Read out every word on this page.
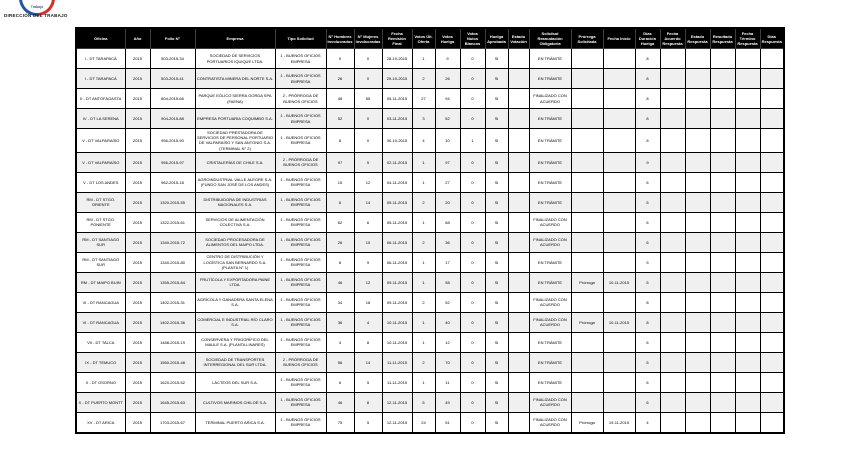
Trabajo
DIRECCIÓN DEL TRABAJO
Oficina	Año	Folio N°	Empresa	Tipo Solicitud	N° Hombres Involucrados	N° Mujeres Involucradas	Fecha Remisión Final	Votos Últ. Oferta	Votos Huelga	Votos Nulos Blancos	Huelga Aprobada	Estado Votación	Solicitud Reanudación Obligatoria	Prórroga Solicitada	Fecha Inicio	Días Duración Huelga	Fecha Acuerdo Respuesta	Estado Respuesta	Resultado Respuesta	Fecha Término Respuesta	Días Respuesta
I - DT TARAPACÁ	2015	503-2015-34	SOCIEDAD DE SERVICIOS PORTUARIOS IQUIQUE LTDA.	1 - BUENOS OFICIOS EMPRESA	9	0	28-10-2015	1	9	0	Si		EN TRÁMITE			8					
I - DT TARAPACÁ	2015	503-2015-41	CONTRATISTA MINERA DEL NORTE S.A.	1 - BUENOS OFICIOS EMPRESA	26	0	29-10-2015	2	26	0	Si		EN TRÁMITE			8					
II - DT ANTOFAGASTA	2015	804-2015-66	PARQUE EÓLICO SIERRA GORDA SPA (FAENA)	2 - PRÓRROGA DE BUENOS OFICIOS	48	55	05-11-2015	27	94	0	Si		FINALIZADO CON ACUERDO			8					
IV - DT LA SERENA	2015	904-2015-88	EMPRESA PORTUARIA COQUIMBO S.A.	1 - BUENOS OFICIOS EMPRESA	52	0	03-11-2015	3	52	0	Si		EN TRÁMITE			8					
V - DT VALPARAÍSO	2015	956-2015-90	SOCIEDAD PRESTADORA DE SERVICIOS DE PERSONAL PORTUARIO DE VALPARAÍSO Y SAN ANTONIO S.A. (TERMINAL N° 2)	1 - BUENOS OFICIOS EMPRESA	8	0	30-10-2015	4	10	1	Si		EN TRÁMITE			8					
V - DT VALPARAÍSO	2015	956-2015-97	CRISTALERÍAS DE CHILE S.A.	2 - PRÓRROGA DE BUENOS OFICIOS	97	5	02-11-2015	1	97	0	Si		EN TRÁMITE			9					
V - DT LOS ANDES	2015	962-2015-18	AGROINDUSTRIAL VALLE ALEGRE S.A. (FUNDO SAN JOSÉ DE LOS ANDES)	1 - BUENOS OFICIOS EMPRESA	15	12	04-11-2015	1	27	0	Si		EN TRÁMITE			6					
RM - DT STGO. ORIENTE	2015	1320-2015-55	DISTRIBUIDORA DE INDUSTRIAS NACIONALES S.A.	1 - BUENOS OFICIOS EMPRESA	6	14	05-11-2015	2	20	0	Si		EN TRÁMITE			5					
RM - DT STGO. PONIENTE	2015	1322-2015-61	SERVICIOS DE ALIMENTACIÓN COLECTIVA S.A.	1 - BUENOS OFICIOS EMPRESA	62	6	05-11-2015	1	68	0	Si		FINALIZADO CON ACUERDO			6					
RM - DT SANTIAGO SUR	2015	1340-2015-72	SOCIEDAD PROCESADORA DE ALIMENTOS DEL MAIPO LTDA.	1 - BUENOS OFICIOS EMPRESA	26	10	06-11-2015	2	36	0	Si		FINALIZADO CON ACUERDO			6					
RM - DT SANTIAGO SUR	2015	1340-2015-80	CENTRO DE DISTRIBUCIÓN Y LOGÍSTICA SAN BERNARDO S.A. (PLANTA N° 1)	1 - BUENOS OFICIOS EMPRESA	8	9	06-11-2015	1	17	0	Si		EN TRÁMITE			5					
RM - DT MAIPO BUIN	2015	1355-2015-84	FRUTÍCOLA Y EXPORTADORA PAINE LTDA.	1 - BUENOS OFICIOS EMPRESA	46	12	09-11-2015	1	58	0	Si		EN TRÁMITE	Prórroga	10-11-2015	5					
VI - DT RANCAGUA	2015	1402-2015-31	AGRÍCOLA Y GANADERA SANTA ELENA S.A.	1 - BUENOS OFICIOS EMPRESA	34	18	09-11-2015	2	52	0	Si		FINALIZADO CON ACUERDO			8					
VI - DT RANCAGUA	2015	1402-2015-36	COMERCIAL E INDUSTRIAL RÍO CLARO S.A.	1 - BUENOS OFICIOS EMPRESA	36	4	10-11-2015	1	40	0	Si		FINALIZADO CON ACUERDO	Prórroga	10-11-2015	8					
VII - DT TALCA	2015	1488-2015-19	CONSERVERA Y FRIGORÍFICO DEL MAULE S.A. (PLANTA LINARES)	1 - BUENOS OFICIOS EMPRESA	4	8	10-11-2015	1	12	0	Si		EN TRÁMITE			6					
IX - DT TEMUCO	2015	1560-2015-48	SOCIEDAD DE TRANSPORTES INTERREGIONAL DEL SUR LTDA.	2 - PRÓRROGA DE BUENOS OFICIOS	56	14	11-11-2015	2	70	0	Si		EN TRÁMITE			5					
X - DT OSORNO	2015	1620-2015-52	LÁCTEOS DEL SUR S.A.	1 - BUENOS OFICIOS EMPRESA	6	5	11-11-2015	1	11	0	Si		EN TRÁMITE			6					
X - DT PUERTO MONTT	2015	1645-2015-63	CULTIVOS MARINOS CHILOÉ S.A.	1 - BUENOS OFICIOS EMPRESA	46	8	12-11-2015	5	49	0	Si		FINALIZADO CON ACUERDO			6					
XV - DT ARICA	2015	1703-2015-67	TERMINAL PUERTO ARICA S.A.	1 - BUENOS OFICIOS EMPRESA	75	5	12-11-2015	24	51	0	Si		FINALIZADO CON ACUERDO	Prórroga	19-11-2015	4					
